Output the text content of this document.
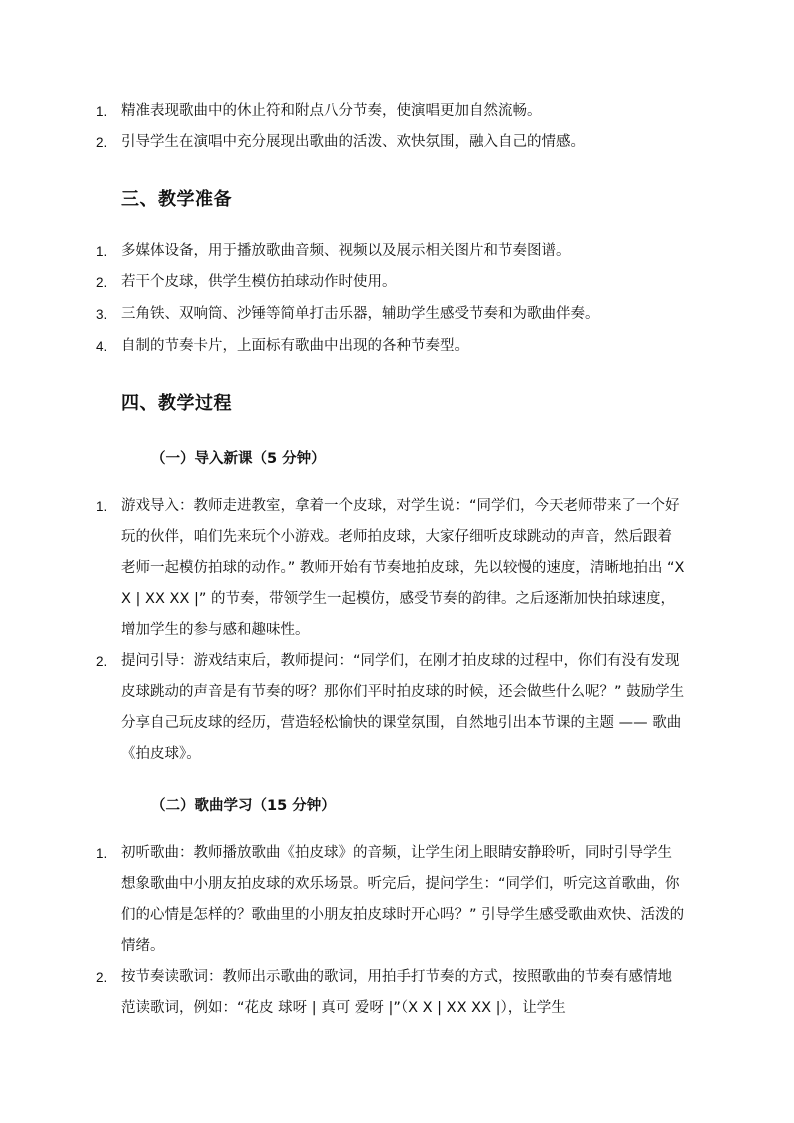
1. 精准表现歌曲中的休止符和附点八分节奏，使演唱更加自然流畅。
2. 引导学生在演唱中充分展现出歌曲的活泼、欢快氛围，融入自己的情感。
三、教学准备
1. 多媒体设备，用于播放歌曲音频、视频以及展示相关图片和节奏图谱。
2. 若干个皮球，供学生模仿拍球动作时使用。
3. 三角铁、双响筒、沙锤等简单打击乐器，辅助学生感受节奏和为歌曲伴奏。
4. 自制的节奏卡片，上面标有歌曲中出现的各种节奏型。
四、教学过程
（一）导入新课（5 分钟）
1. 游戏导入：教师走进教室，拿着一个皮球，对学生说：“同学们，今天老师带来了一个好玩的伙伴，咱们先来玩个小游戏。老师拍皮球，大家仔细听皮球跳动的声音，然后跟着老师一起模仿拍球的动作。” 教师开始有节奏地拍皮球，先以较慢的速度，清晰地拍出 “X X | XX XX |” 的节奏，带领学生一起模仿，感受节奏的韵律。之后逐渐加快拍球速度，增加学生的参与感和趣味性。
2. 提问引导：游戏结束后，教师提问：“同学们，在刚才拍皮球的过程中，你们有没有发现皮球跳动的声音是有节奏的呀？那你们平时拍皮球的时候，还会做些什么呢？” 鼓励学生分享自己玩皮球的经历，营造轻松愉快的课堂氛围，自然地引出本节课的主题 —— 歌曲《拍皮球》。
（二）歌曲学习（15 分钟）
1. 初听歌曲：教师播放歌曲《拍皮球》的音频，让学生闭上眼睛安静聆听，同时引导学生想象歌曲中小朋友拍皮球的欢乐场景。听完后，提问学生：“同学们，听完这首歌曲，你们的心情是怎样的？歌曲里的小朋友拍皮球时开心吗？” 引导学生感受歌曲欢快、活泼的情绪。
2. 按节奏读歌词：教师出示歌曲的歌词，用拍手打节奏的方式，按照歌曲的节奏有感情地范读歌词，例如：“花皮 球呀 | 真可 爱呀 |”（X X | XX XX |），让学生
